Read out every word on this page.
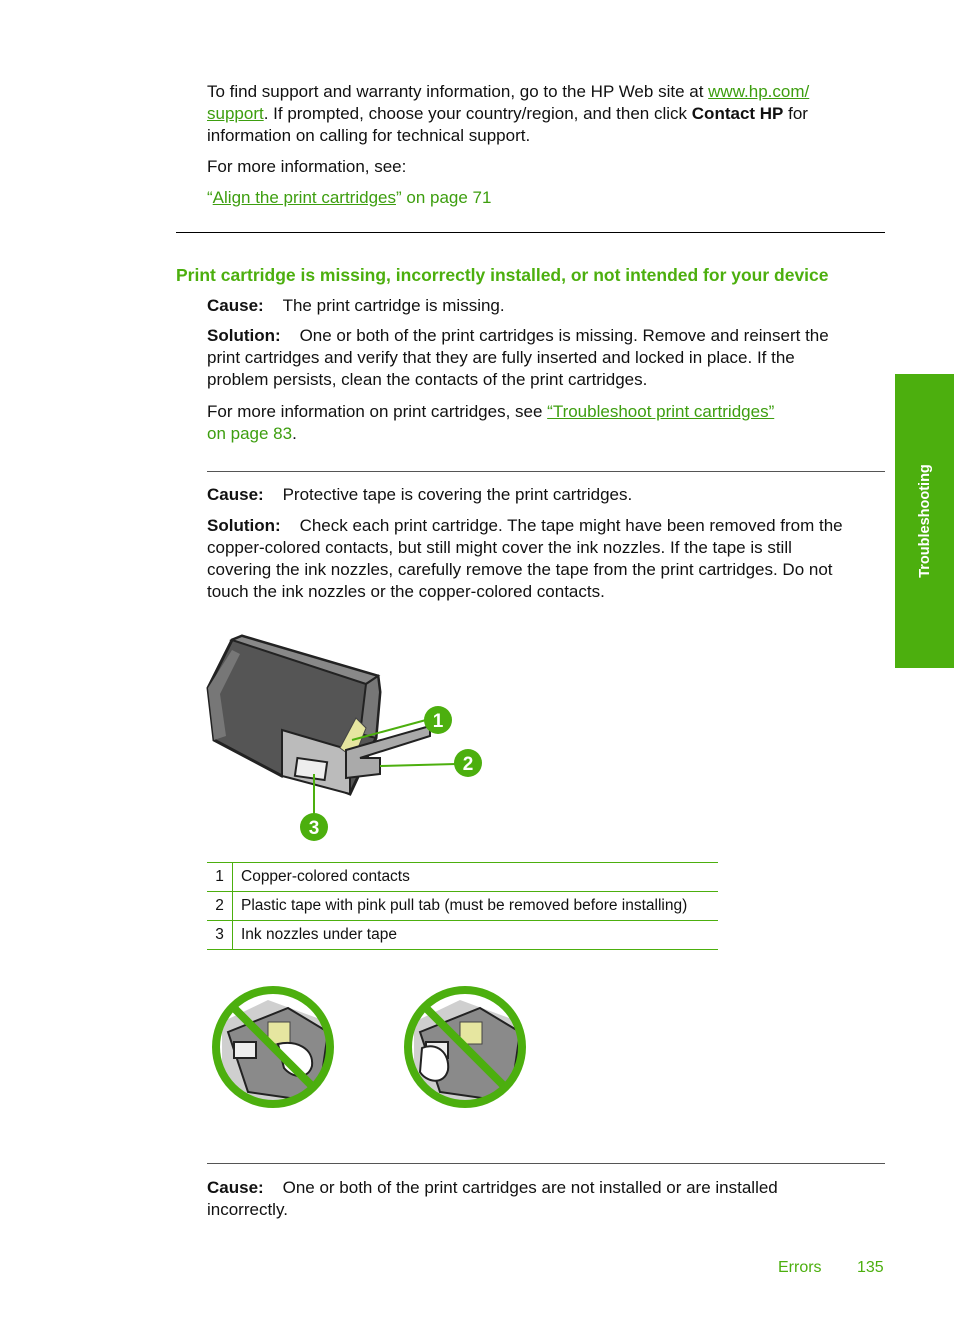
To find support and warranty information, go to the HP Web site at www.hp.com/
support. If prompted, choose your country/region, and then click Contact HP for
information on calling for technical support.

For more information, see:

“Align the print cartridges” on page 71

Print cartridge is missing, incorrectly installed, or not intended for your device

Cause: The print cartridge is missing.

Solution: One or both of the print cartridges is missing. Remove and reinsert the
print cartridges and verify that they are fully inserted and locked in place. If the
problem persists, clean the contacts of the print cartridges.

For more information on print cartridges, see “Troubleshoot print cartridges”
on page 83.

Cause: Protective tape is covering the print cartridges.

Solution: Check each print cartridge. The tape might have been removed from the
copper-colored contacts, but still might cover the ink nozzles. If the tape is still
covering the ink nozzles, carefully remove the tape from the print cartridges. Do not
touch the ink nozzles or the copper-colored contacts.

1
2
3
1	Copper-colored contacts
2	Plastic tape with pink pull tab (must be removed before installing)
3	Ink nozzles under tape

Cause: One or both of the print cartridges are not installed or are installed
incorrectly.

Troubleshooting
Errors 135
